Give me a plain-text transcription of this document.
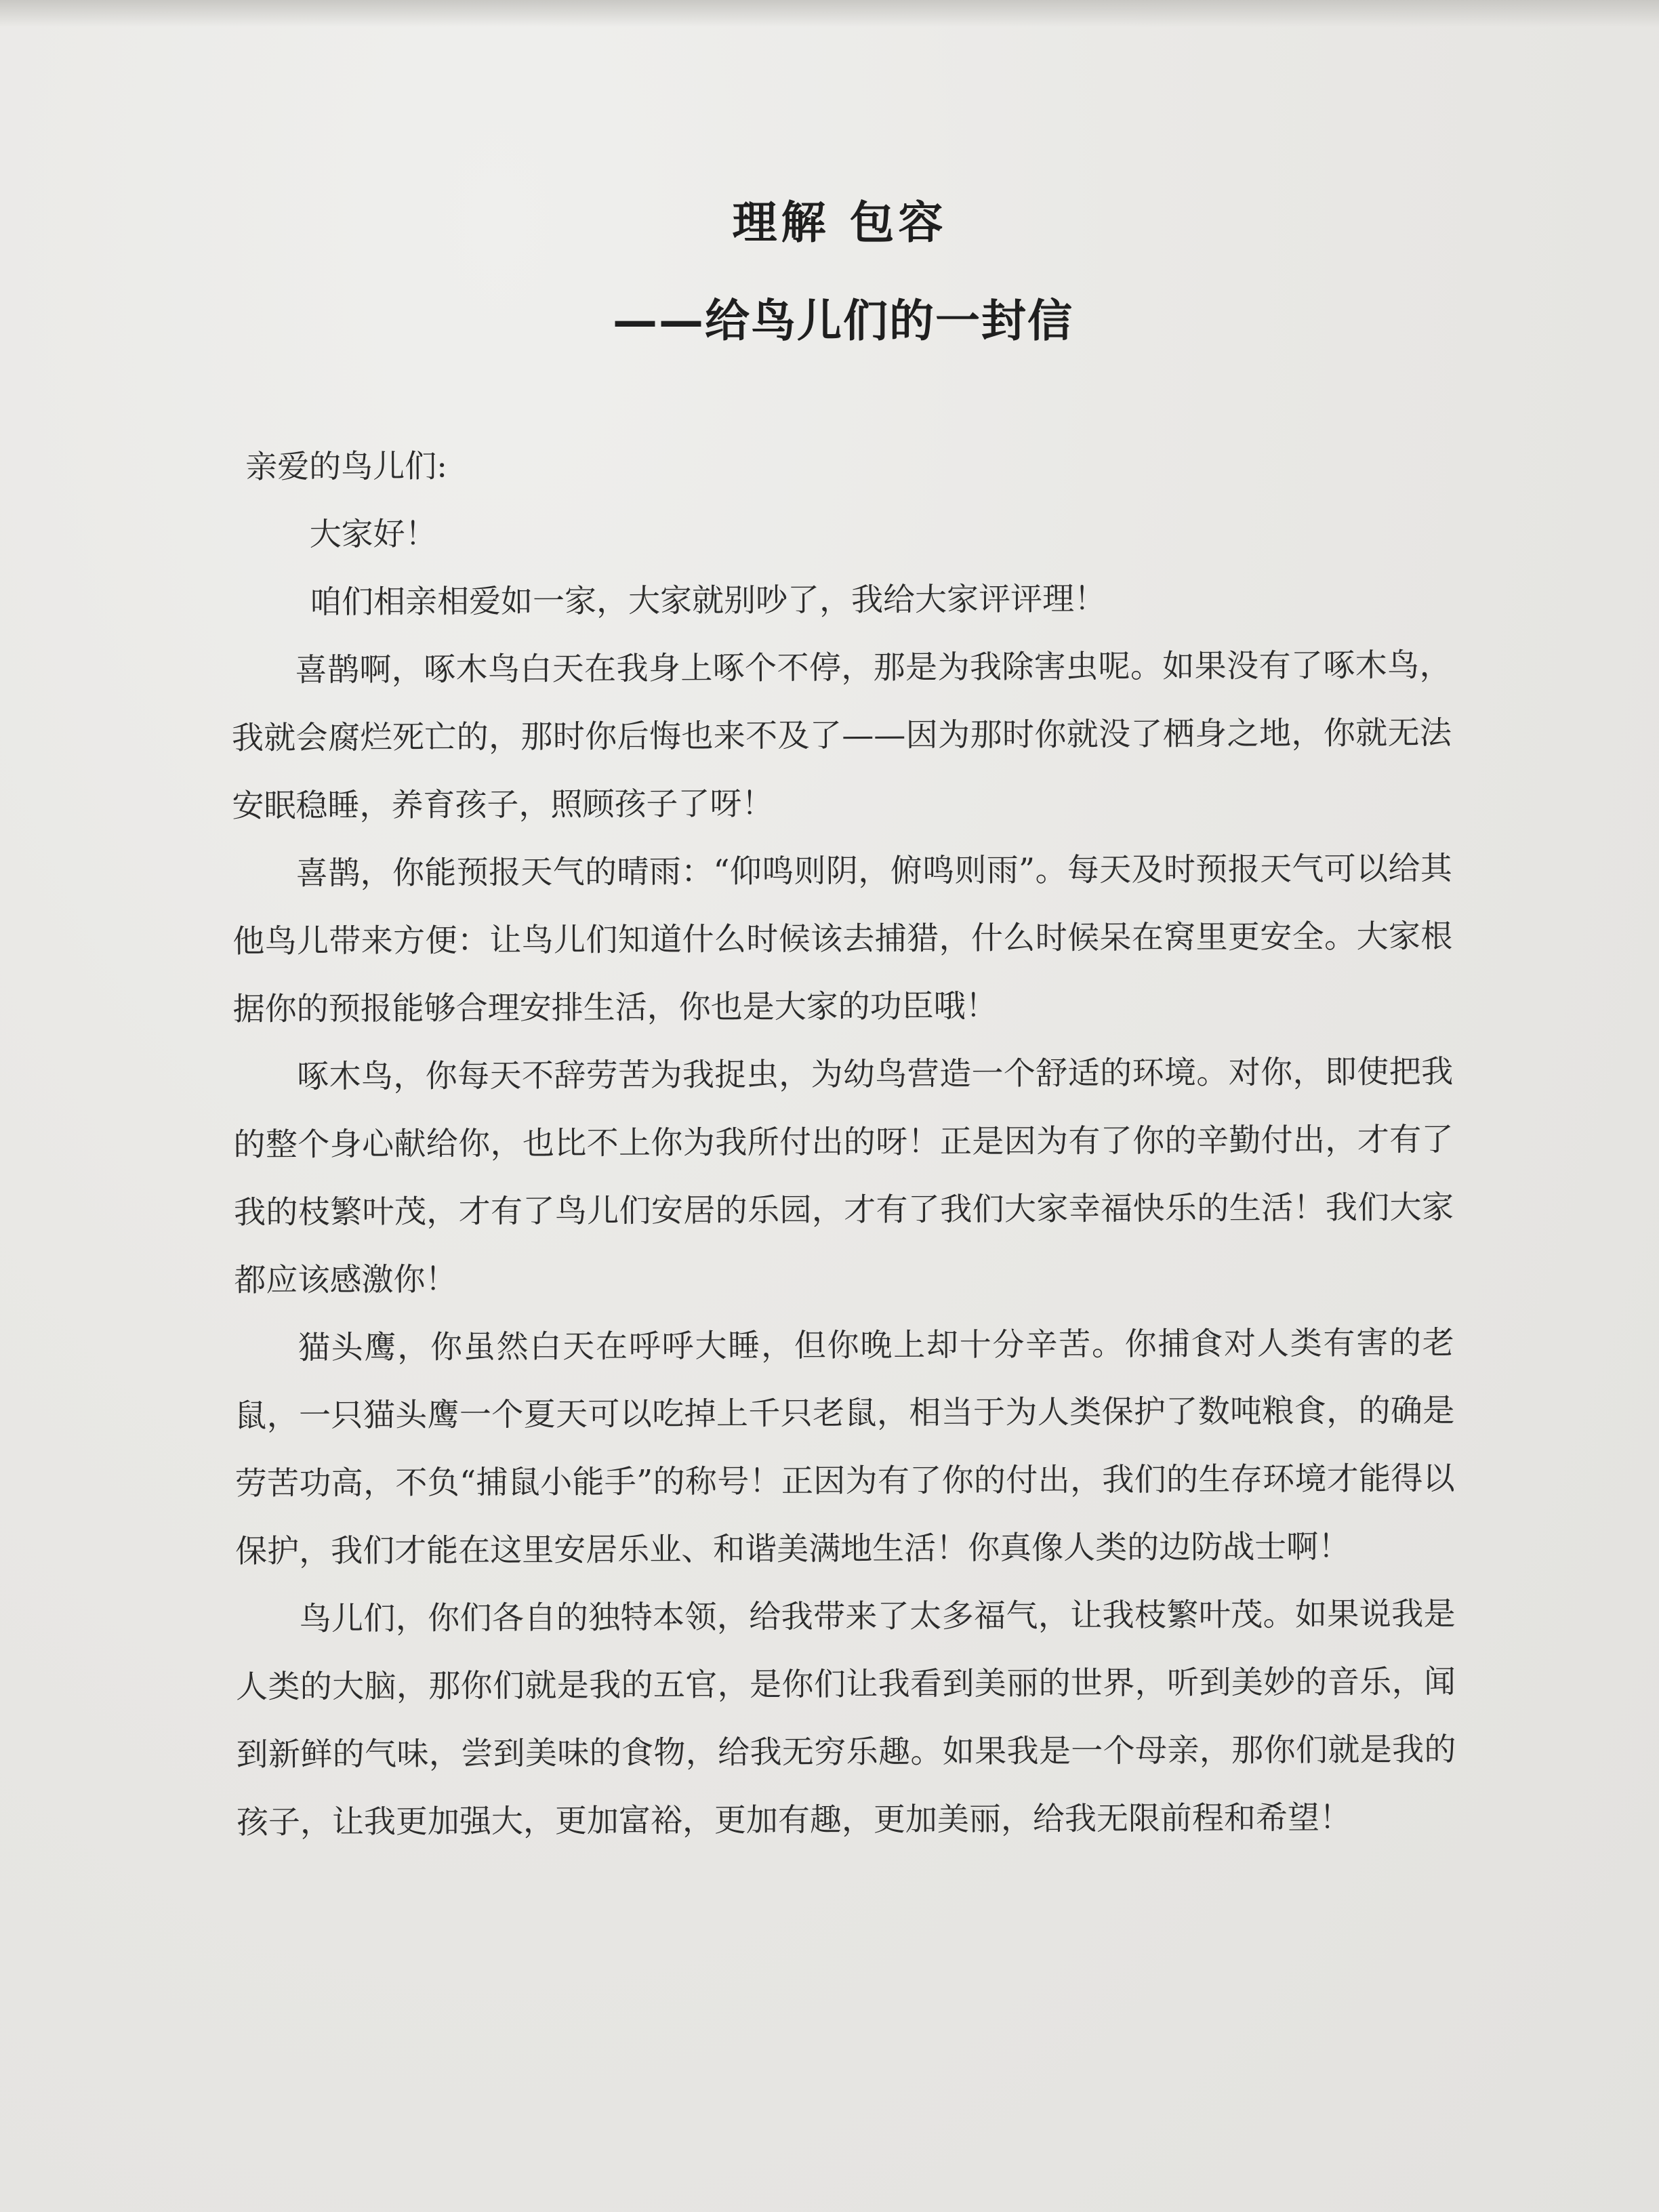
理解 包容
——给鸟儿们的一封信

亲爱的鸟儿们:

大家好！

咱们相亲相爱如一家，大家就别吵了，我给大家评评理！

喜鹊啊，啄木鸟白天在我身上啄个不停，那是为我除害虫呢。如果没有了啄木鸟，我就会腐烂死亡的，那时你后悔也来不及了——因为那时你就没了栖身之地，你就无法安眠稳睡，养育孩子，照顾孩子了呀！

喜鹊，你能预报天气的晴雨：“仰鸣则阴，俯鸣则雨”。每天及时预报天气可以给其他鸟儿带来方便：让鸟儿们知道什么时候该去捕猎，什么时候呆在窝里更安全。大家根据你的预报能够合理安排生活，你也是大家的功臣哦！

啄木鸟，你每天不辞劳苦为我捉虫，为幼鸟营造一个舒适的环境。对你，即使把我的整个身心献给你，也比不上你为我所付出的呀！正是因为有了你的辛勤付出，才有了我的枝繁叶茂，才有了鸟儿们安居的乐园，才有了我们大家幸福快乐的生活！我们大家都应该感激你！

猫头鹰，你虽然白天在呼呼大睡，但你晚上却十分辛苦。你捕食对人类有害的老鼠，一只猫头鹰一个夏天可以吃掉上千只老鼠，相当于为人类保护了数吨粮食，的确是劳苦功高，不负“捕鼠小能手”的称号！正因为有了你的付出，我们的生存环境才能得以保护，我们才能在这里安居乐业、和谐美满地生活！你真像人类的边防战士啊！

鸟儿们，你们各自的独特本领，给我带来了太多福气，让我枝繁叶茂。如果说我是人类的大脑，那你们就是我的五官，是你们让我看到美丽的世界，听到美妙的音乐，闻到新鲜的气味，尝到美味的食物，给我无穷乐趣。如果我是一个母亲，那你们就是我的孩子，让我更加强大，更加富裕，更加有趣，更加美丽，给我无限前程和希望！
